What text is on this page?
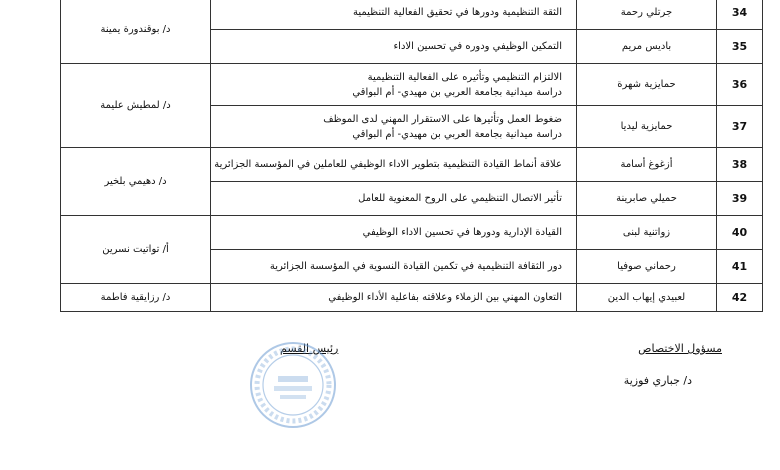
34	جرتلي رحمة	الثقة التنظيمية ودورها في تحقيق الفعالية التنظيمية	د/ بوقندورة يمينة
35	باديس مريم	التمكين الوظيفي ودوره في تحسين الاداء	

36	حمايزية شهرة	الالتزام التنظيمي وتأثيره على الفعالية التنظيمية
دراسة ميدانية بجامعة العربي بن مهيدي- أم البواقي	د/ لمطيش عليمة
37	حمايزية ليديا	ضغوط العمل وتأثيرها على الاستقرار المهني لدى الموظف
دراسة ميدانية بجامعة العربي بن مهيدي- أم البواقي	

38	أزغوغ أسامة	علاقة أنماط القيادة التنظيمية بتطوير الاداء الوظيفي للعاملين في المؤسسة الجزائرية	د/ دهيمي بلخير
39	حميلي صابرينة	تأثير الاتصال التنظيمي على الروح المعنوية للعامل	

40	زواتنية لبنى	القيادة الإدارية ودورها في تحسين الاداء الوظيفي	أ/ تواتيت نسرين
41	رحماني صوفيا	دور الثقافة التنظيمية في تكمين القيادة النسوية في المؤسسة الجزائرية	

42	لعبيدي إيهاب الدين	التعاون المهني بين الزملاء وعلاقته بفاعلية الأداء الوظيفي	د/ رزايقية فاطمة
مسؤول الاختصاص
د/ جباري فوزية
رئيس القسم
